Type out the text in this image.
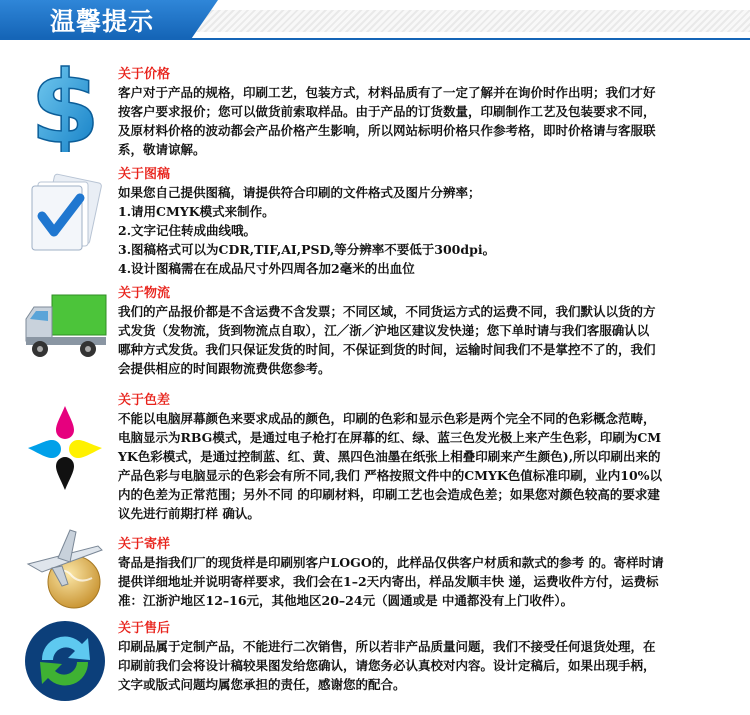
温馨提示
$ 关于价格
客户对于产品的规格，印刷工艺，包装方式，材料品质有了一定了解并在询价时作出明；我们才好
按客户要求报价；您可以做货前索取样品。由于产品的订货数量，印刷制作工艺及包装要求不同，
及原材料价格的波动都会产品价格产生影响，所以网站标明价格只作参考格，即时价格请与客服联
系，敬请谅解。
关于图稿
如果您自己提供图稿，请提供符合印刷的文件格式及图片分辨率；
1.请用CMYK模式来制作。
2.文字记住转成曲线哦。
3.图稿格式可以为CDR,TIF,AI,PSD,等分辨率不要低于300dpi。
4.设计图稿需在在成品尺寸外四周各加2毫米的出血位
关于物流
我们的产品报价都是不含运费不含发票；不同区域，不同货运方式的运费不同，我们默认以货的方
式发货（发物流，货到物流点自取），江／浙／沪地区建议发快递；您下单时请与我们客服确认以
哪种方式发货。我们只保证发货的时间，不保证到货的时间，运输时间我们不是掌控不了的，我们
会提供相应的时间跟物流费供您参考。
关于色差
不能以电脑屏幕颜色来要求成品的颜色，印刷的色彩和显示色彩是两个完全不同的色彩概念范畴，
电脑显示为RBG模式，是通过电子枪打在屏幕的红、绿、蓝三色发光极上来产生色彩，印刷为CM
YK色彩模式，是通过控制蓝、红、黄、黑四色油墨在纸张上相叠印刷来产生颜色),所以印刷出来的
产品色彩与电脑显示的色彩会有所不同,我们 严格按照文件中的CMYK色值标准印刷，业内10%以
内的色差为正常范围；另外不同 的印刷材料，印刷工艺也会造成色差；如果您对颜色较高的要求建
议先进行前期打样 确认。
关于寄样
寄品是指我们厂的现货样是印刷别客户LOGO的，此样品仅供客户材质和款式的参考 的。寄样时请
提供详细地址并说明寄样要求，我们会在1–2天内寄出，样品发顺丰快 递，运费收件方付，运费标
准：江浙沪地区12–16元，其他地区20–24元（圆通或是 中通都没有上门收件）。
关于售后
印刷品属于定制产品，不能进行二次销售，所以若非产品质量问题，我们不接受任何退货处理，在
印刷前我们会将设计稿较果图发给您确认，请您务必认真校对内容。设计定稿后，如果出现手柄，
文字或版式问题均属您承担的责任，感谢您的配合。
